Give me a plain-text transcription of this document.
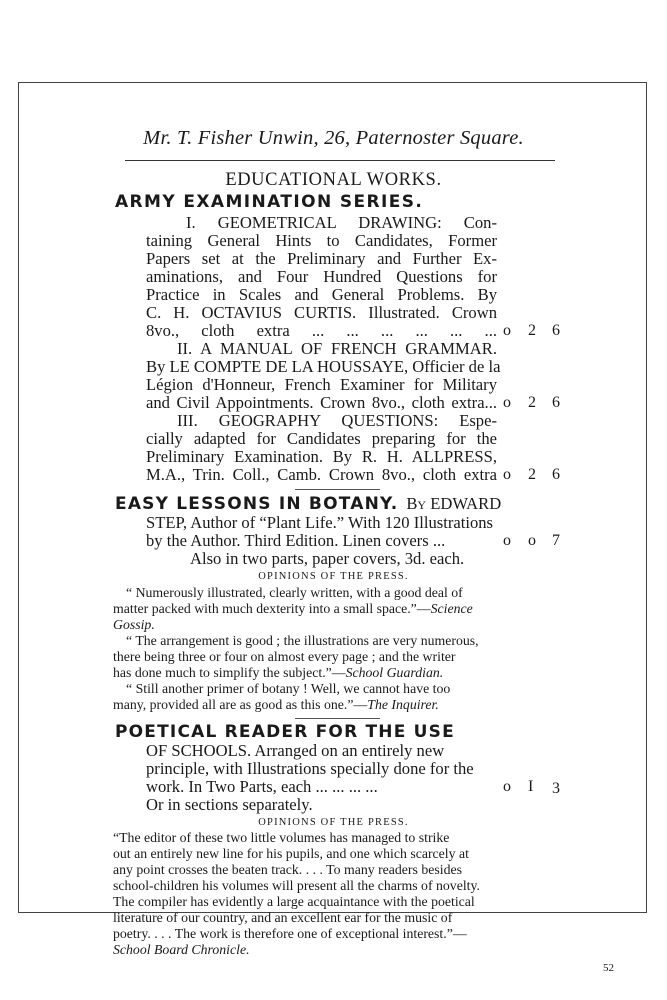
Mr. T. Fisher Unwin, 26, Paternoster Square.
EDUCATIONAL WORKS.
ARMY EXAMINATION SERIES.
I. GEOMETRICAL DRAWING: Con-
taining General Hints to Candidates, Former
Papers set at the Preliminary and Further Ex-
aminations, and Four Hundred Questions for
Practice in Scales and General Problems. By
C. H. OCTAVIUS CURTIS. Illustrated. Crown
8vo., cloth extra ... ... ... ... ... ... o 2 6
II. A MANUAL OF FRENCH GRAMMAR.
By LE COMPTE DE LA HOUSSAYE, Officier de la
Légion d'Honneur, French Examiner for Military
and Civil Appointments. Crown 8vo., cloth extra... o 2 6
III. GEOGRAPHY QUESTIONS: Espe-
cially adapted for Candidates preparing for the
Preliminary Examination. By R. H. ALLPRESS,
M.A., Trin. Coll., Camb. Crown 8vo., cloth extra o 2 6
EASY LESSONS IN BOTANY. By EDWARD
STEP, Author of “Plant Life.” With 120 Illustrations
by the Author. Third Edition. Linen covers ...
Also in two parts, paper covers, 3d. each.
o o 7
OPINIONS OF THE PRESS.
“ Numerously illustrated, clearly written, with a good deal of
matter packed with much dexterity into a small space.”—Science
Gossip.
“ The arrangement is good ; the illustrations are very numerous,
there being three or four on almost every page ; and the writer
has done much to simplify the subject.”—School Guardian.
“ Still another primer of botany ! Well, we cannot have too
many, provided all are as good as this one.”—The Inquirer.
POETICAL READER FOR THE USE
OF SCHOOLS. Arranged on an entirely new
principle, with Illustrations specially done for the
work. In Two Parts, each ... ... ... ...
Or in sections separately.
o I 3
OPINIONS OF THE PRESS.
“The editor of these two little volumes has managed to strike
out an entirely new line for his pupils, and one which scarcely at
any point crosses the beaten track. . . . To many readers besides
school-children his volumes will present all the charms of novelty.
The compiler has evidently a large acquaintance with the poetical
literature of our country, and an excellent ear for the music of
poetry. . . . The work is therefore one of exceptional interest.”—
School Board Chronicle.
52
